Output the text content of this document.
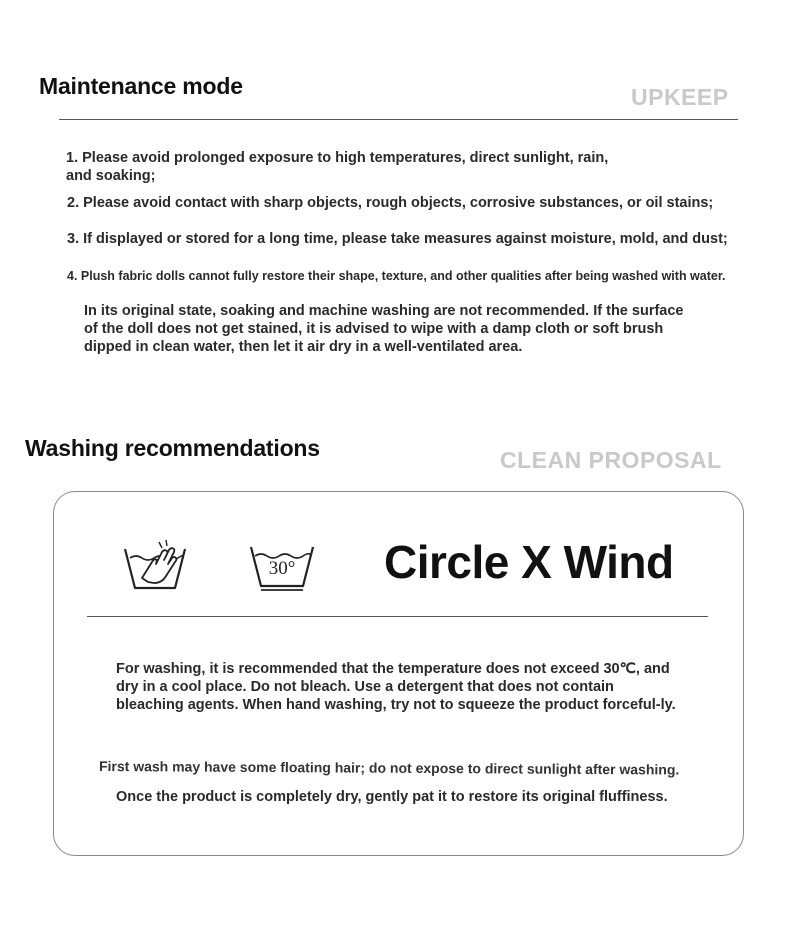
Maintenance mode	UPKEEP
1. Please avoid prolonged exposure to high temperatures, direct sunlight, rain,
and soaking;
2. Please avoid contact with sharp objects, rough objects, corrosive substances, or oil stains;
3. If displayed or stored for a long time, please take measures against moisture, mold, and dust;
4. Plush fabric dolls cannot fully restore their shape, texture, and other qualities after being washed with water.
In its original state, soaking and machine washing are not recommended. If the surface of the doll does not get stained, it is advised to wipe with a damp cloth or soft brush dipped in clean water, then let it air dry in a well-ventilated area.
Washing recommendations	CLEAN PROPOSAL
30° Circle X Wind
For washing, it is recommended that the temperature does not exceed 30℃, and dry in a cool place. Do not bleach. Use a detergent that does not contain bleaching agents. When hand washing, try not to squeeze the product forceful-ly.
First wash may have some floating hair; do not expose to direct sunlight after washing.
Once the product is completely dry, gently pat it to restore its original fluffiness.
